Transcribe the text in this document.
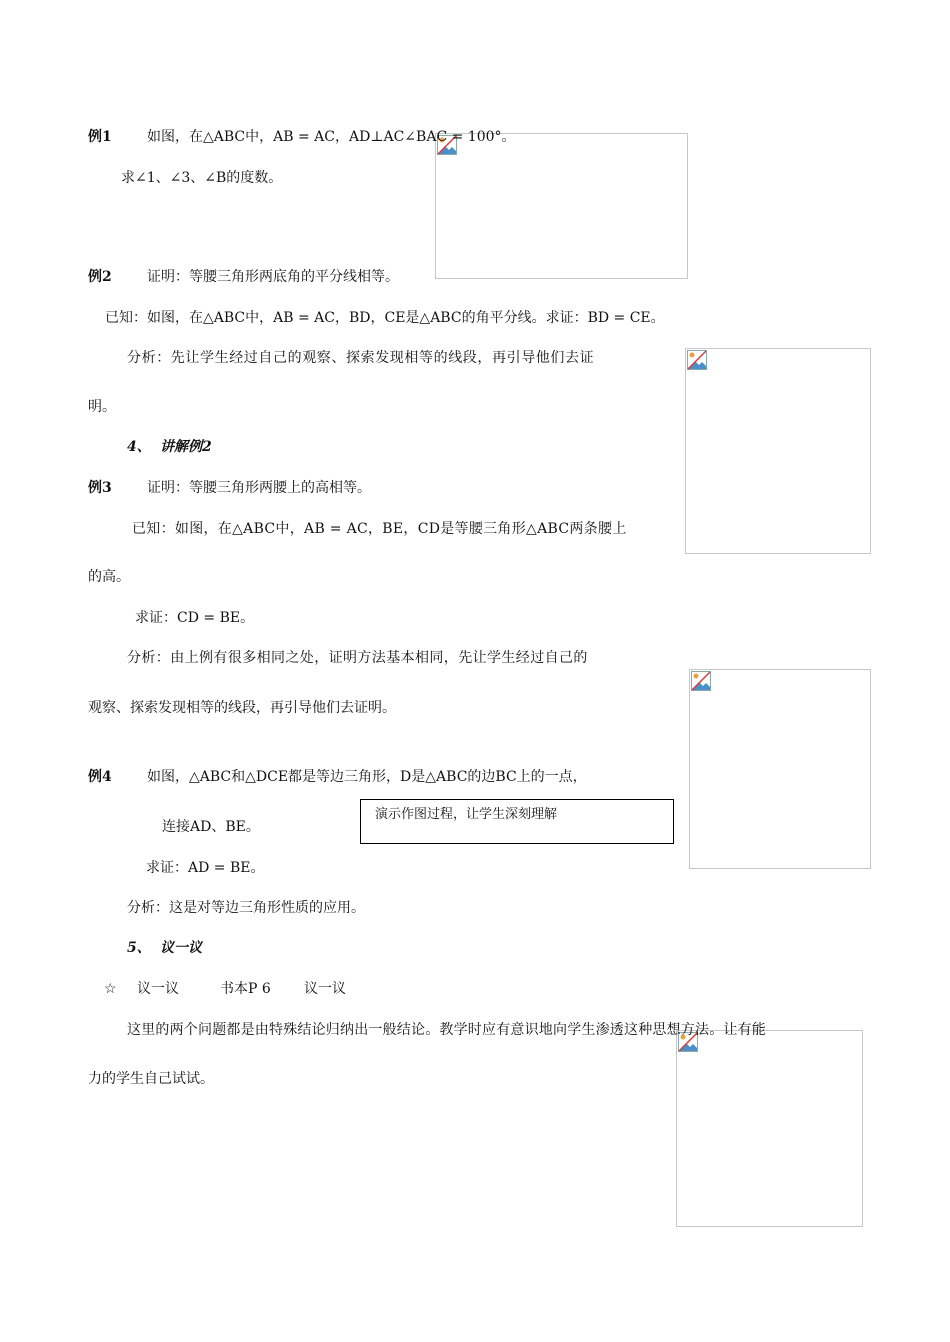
例1	如图，在△ABC中，AB = AC，AD⊥AC∠BAC = 100°。
求∠1、∠3、∠B的度数。
例2	证明：等腰三角形两底角的平分线相等。
已知：如图，在△ABC中，AB = AC，BD，CE是△ABC的角平分线。求证：BD = CE。
分析：先让学生经过自己的观察、探索发现相等的线段，再引导他们去证
明。
4、 讲解例2
例3	证明：等腰三角形两腰上的高相等。
已知：如图，在△ABC中，AB = AC，BE，CD是等腰三角形△ABC两条腰上
的高。
求证：CD = BE。
分析：由上例有很多相同之处，证明方法基本相同，先让学生经过自己的
观察、探索发现相等的线段，再引导他们去证明。
例4	如图，△ABC和△DCE都是等边三角形，D是△ABC的边BC上的一点，
连接AD、BE。
演示作图过程，让学生深刻理解
求证：AD = BE。
分析：这是对等边三角形性质的应用。
5、 议一议
☆ 议一议	书本P 6 议一议
这里的两个问题都是由特殊结论归纳出一般结论。教学时应有意识地向学生渗透这种思想方法。让有能
力的学生自己试试。
